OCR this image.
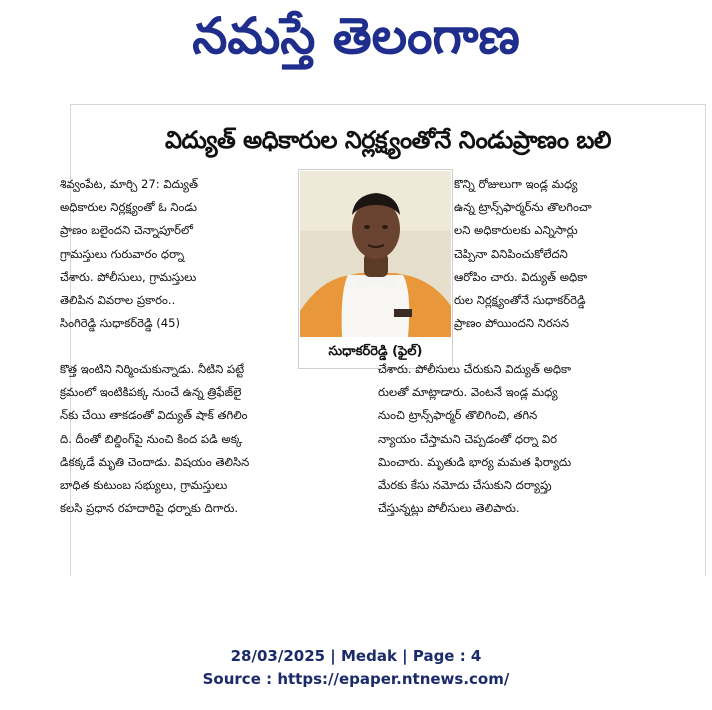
నమస్తే తెలంగాణ
విద్యుత్ అధికారుల నిర్లక్ష్యంతోనే నిండుప్రాణం బలి
శివ్వంపేట, మార్చి 27: విద్యుత్
అధికారుల నిర్లక్ష్యంతో ఓ నిండు
ప్రాణం బలైందని చెన్నాపూర్‌లో
గ్రామస్తులు గురువారం ధర్నా
చేశారు. పోలీసులు, గ్రామస్తులు
తెలిపిన వివరాల ప్రకారం..
సింగిరెడ్డి సుధాకర్‌రెడ్డి (45)
కొత్త ఇంటిని నిర్మించుకున్నాడు. నీటిని పట్టే
క్రమంలో ఇంటికిపక్క నుంచే ఉన్న త్రిఫేజ్‌లై
న్‌కు చేయి తాకడంతో విద్యుత్ షాక్ తగిలిం
ది. దీంతో బిల్డింగ్‌పై నుంచి కింద పడి అక్క
డికక్కడే మృతి చెందాడు. విషయం తెలిసిన
బాధిత కుటుంబ సభ్యులు, గ్రామస్తులు
కలసి ప్రధాన రహదారిపై ధర్నాకు దిగారు.
సుధాకర్‌రెడ్డి (ఫైల్)
కొన్ని రోజులుగా ఇండ్ల మధ్య
ఉన్న ట్రాన్స్‌ఫార్మర్‌ను తొలగించా
లని అధికారులకు ఎన్నిసార్లు
చెప్పినా వినిపించుకోలేదని
ఆరోపిం చారు. విద్యుత్ అధికా
రుల నిర్లక్ష్యంతోనే సుధాకర్‌రెడ్డి
ప్రాణం పోయిందని నిరసన
చేశారు. పోలీసులు చేరుకుని విద్యుత్ అధికా
రులతో మాట్లాడారు. వెంటనే ఇండ్ల మధ్య
నుంచి ట్రాన్స్‌ఫార్మర్ తొలిగించి, తగిన
న్యాయం చేస్తామని చెప్పడంతో ధర్నా విర
మించారు. మృతుడి భార్య మమత ఫిర్యాదు
మేరకు కేసు నమోదు చేసుకుని దర్యాప్తు
చేస్తున్నట్లు పోలీసులు తెలిపారు.
28/03/2025 | Medak | Page : 4
Source : https://epaper.ntnews.com/
